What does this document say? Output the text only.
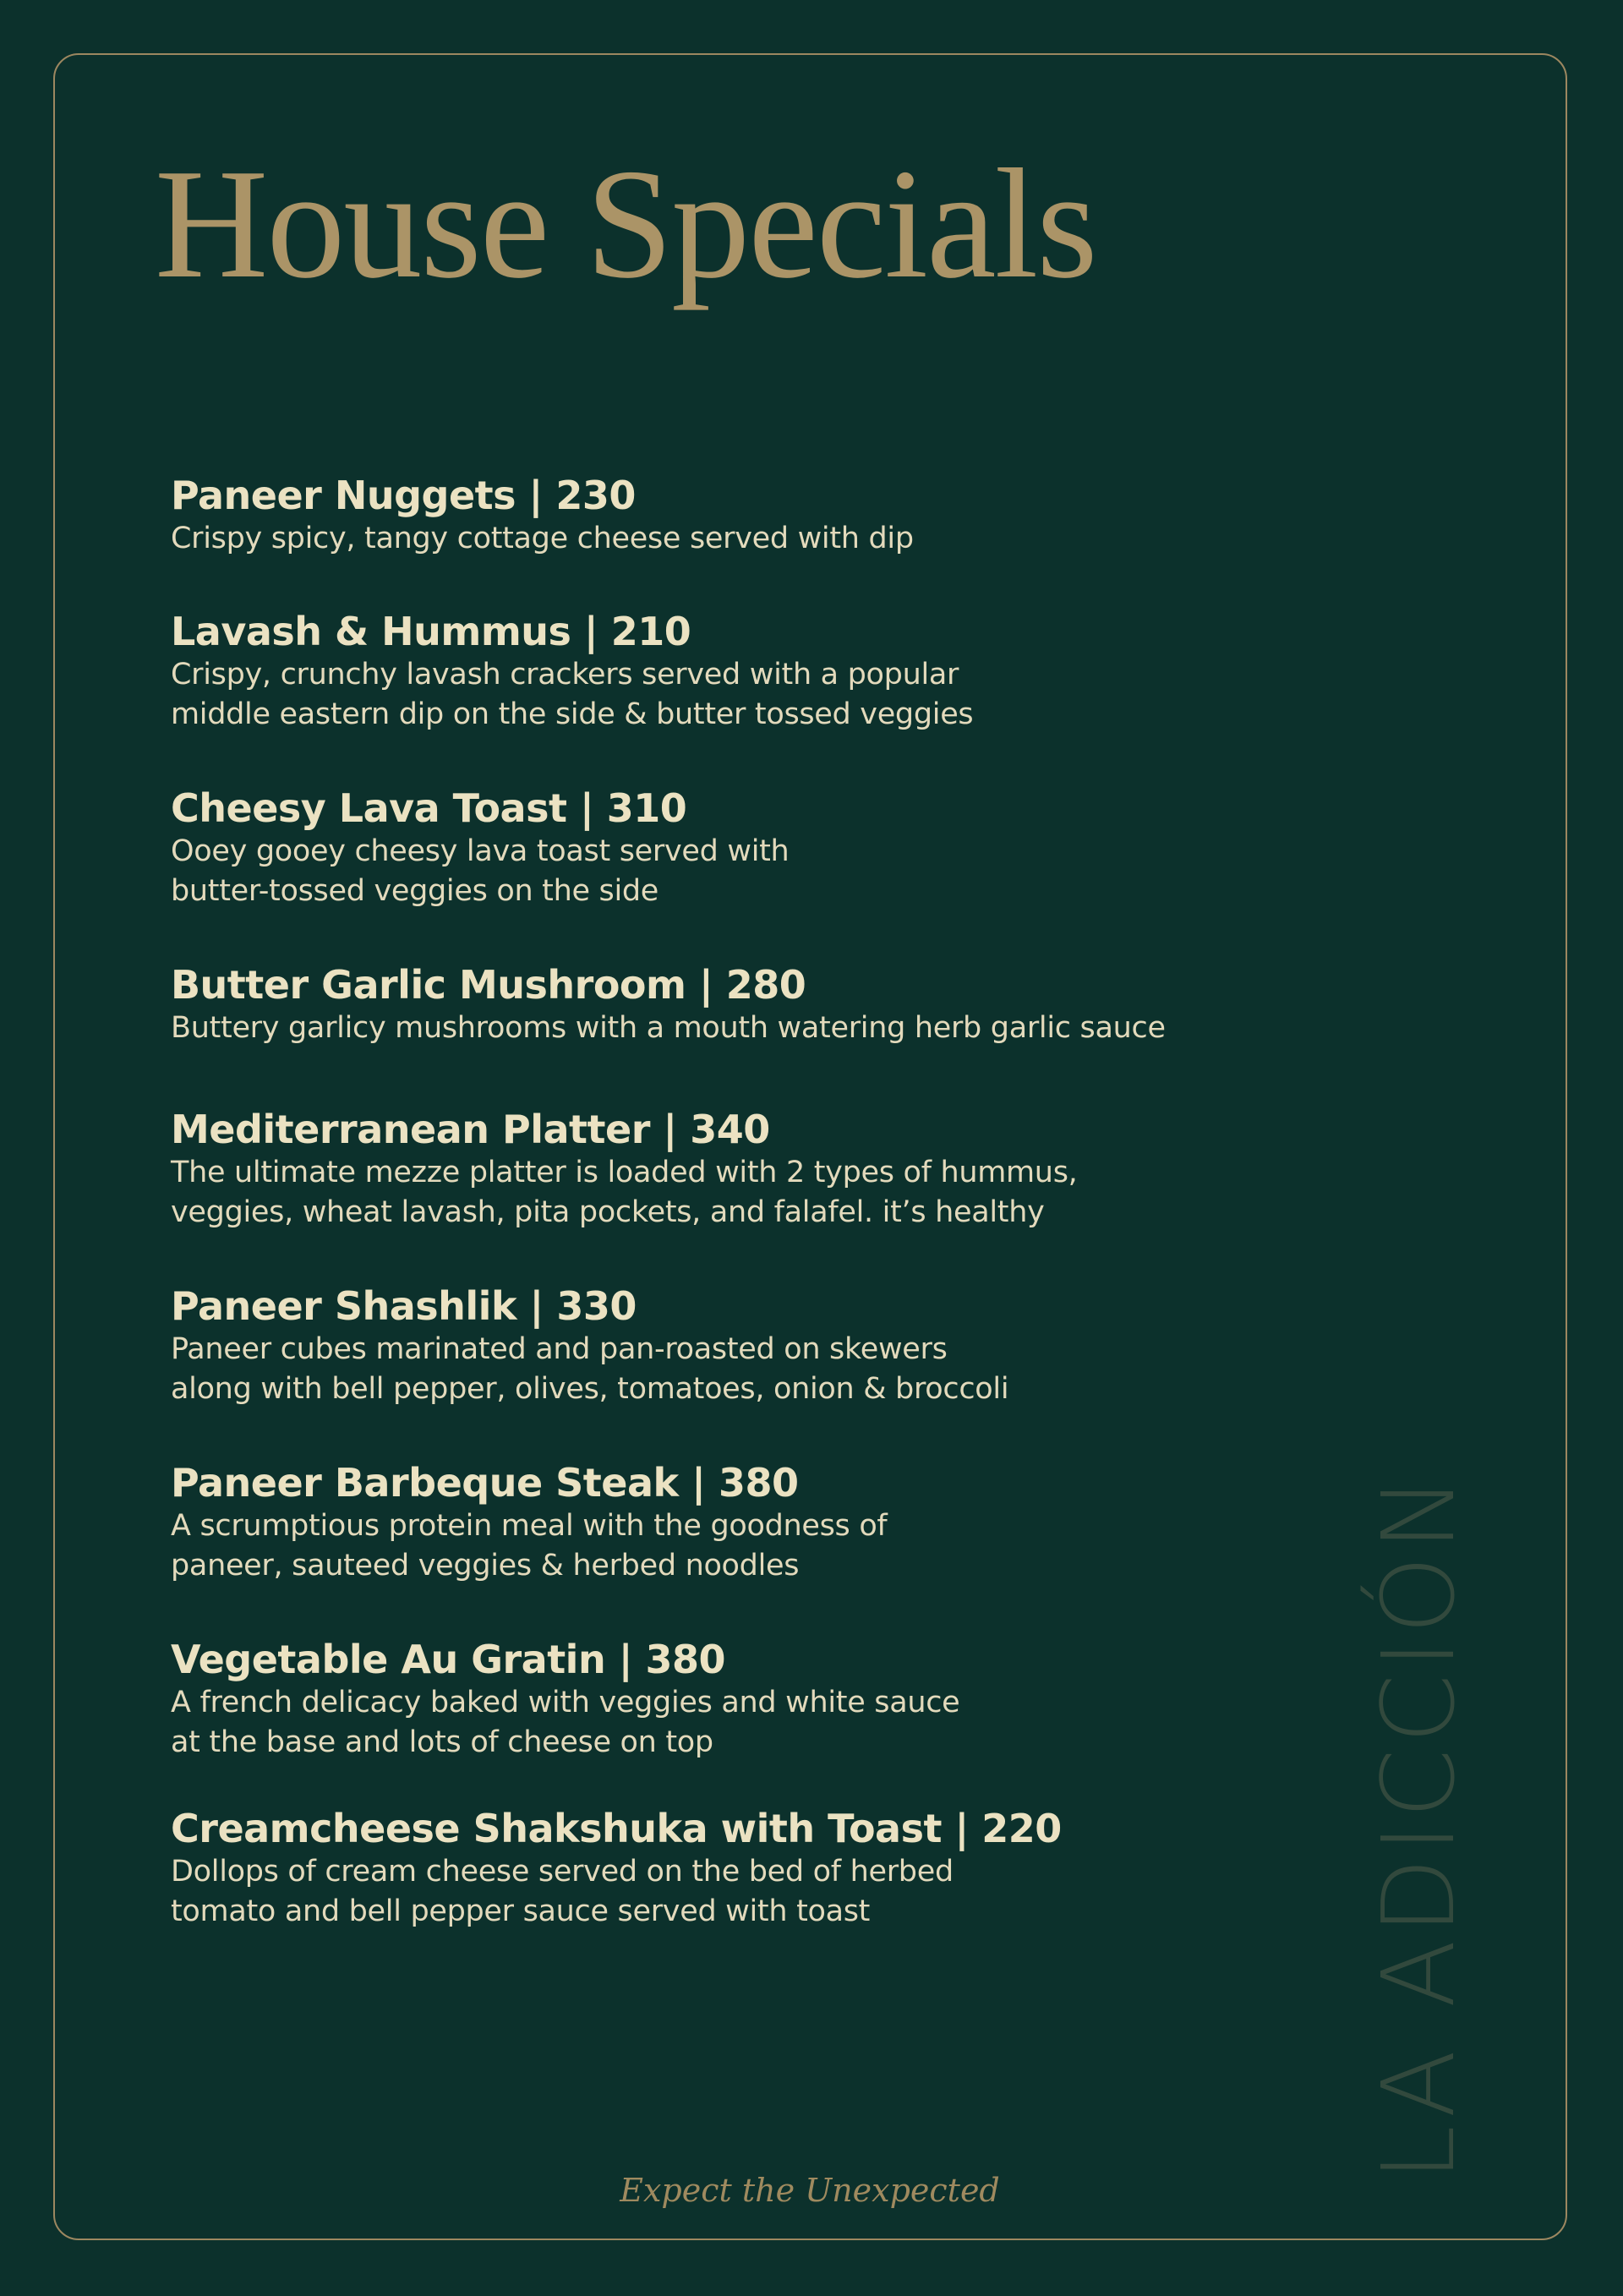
House Specials
Paneer Nuggets | 230
Crispy spicy, tangy cottage cheese served with dip
Lavash & Hummus | 210
Crispy, crunchy lavash crackers served with a popular
middle eastern dip on the side & butter tossed veggies
Cheesy Lava Toast | 310
Ooey gooey cheesy lava toast served with
butter-tossed veggies on the side
Butter Garlic Mushroom | 280
Buttery garlicy mushrooms with a mouth watering herb garlic sauce
Mediterranean Platter | 340
The ultimate mezze platter is loaded with 2 types of hummus,
veggies, wheat lavash, pita pockets, and falafel. it’s healthy
Paneer Shashlik | 330
Paneer cubes marinated and pan-roasted on skewers
along with bell pepper, olives, tomatoes, onion & broccoli
Paneer Barbeque Steak | 380
A scrumptious protein meal with the goodness of
paneer, sauteed veggies & herbed noodles
Vegetable Au Gratin | 380
A french delicacy baked with veggies and white sauce
at the base and lots of cheese on top
Creamcheese Shakshuka with Toast | 220
Dollops of cream cheese served on the bed of herbed
tomato and bell pepper sauce served with toast	LA ADICCIÓN
Expect the Unexpected
